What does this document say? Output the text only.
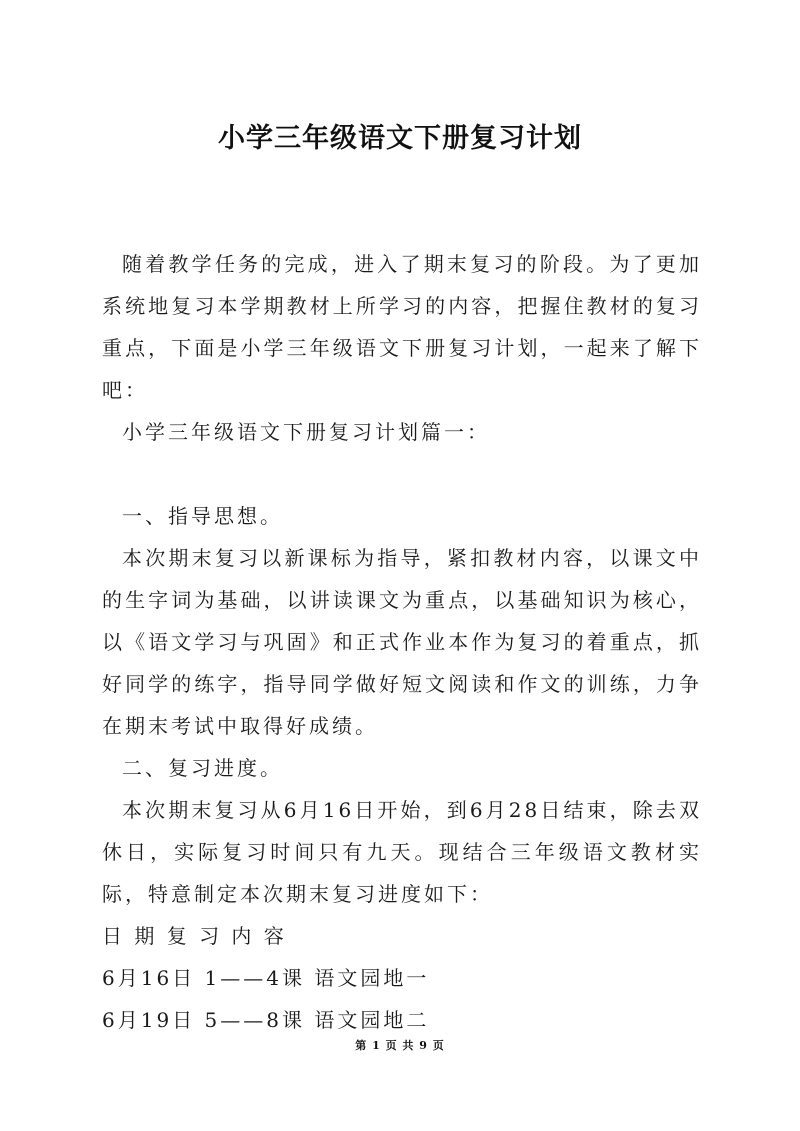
小学三年级语文下册复习计划

随着教学任务的完成，进入了期末复习的阶段。为了更加系统地复习本学期教材上所学习的内容，把握住教材的复习重点，下面是小学三年级语文下册复习计划，一起来了解下吧：

小学三年级语文下册复习计划篇一：

一、指导思想。

本次期末复习以新课标为指导，紧扣教材内容，以课文中的生字词为基础，以讲读课文为重点，以基础知识为核心，以《语文学习与巩固》和正式作业本作为复习的着重点，抓好同学的练字，指导同学做好短文阅读和作文的训练，力争在期末考试中取得好成绩。

二、复习进度。

本次期末复习从6月16日开始，到6月28日结束，除去双休日，实际复习时间只有九天。现结合三年级语文教材实际，特意制定本次期末复习进度如下：

日 期 复 习 内 容

6月16日 1——4课 语文园地一

6月19日 5——8课 语文园地二

第 1 页 共 9 页
